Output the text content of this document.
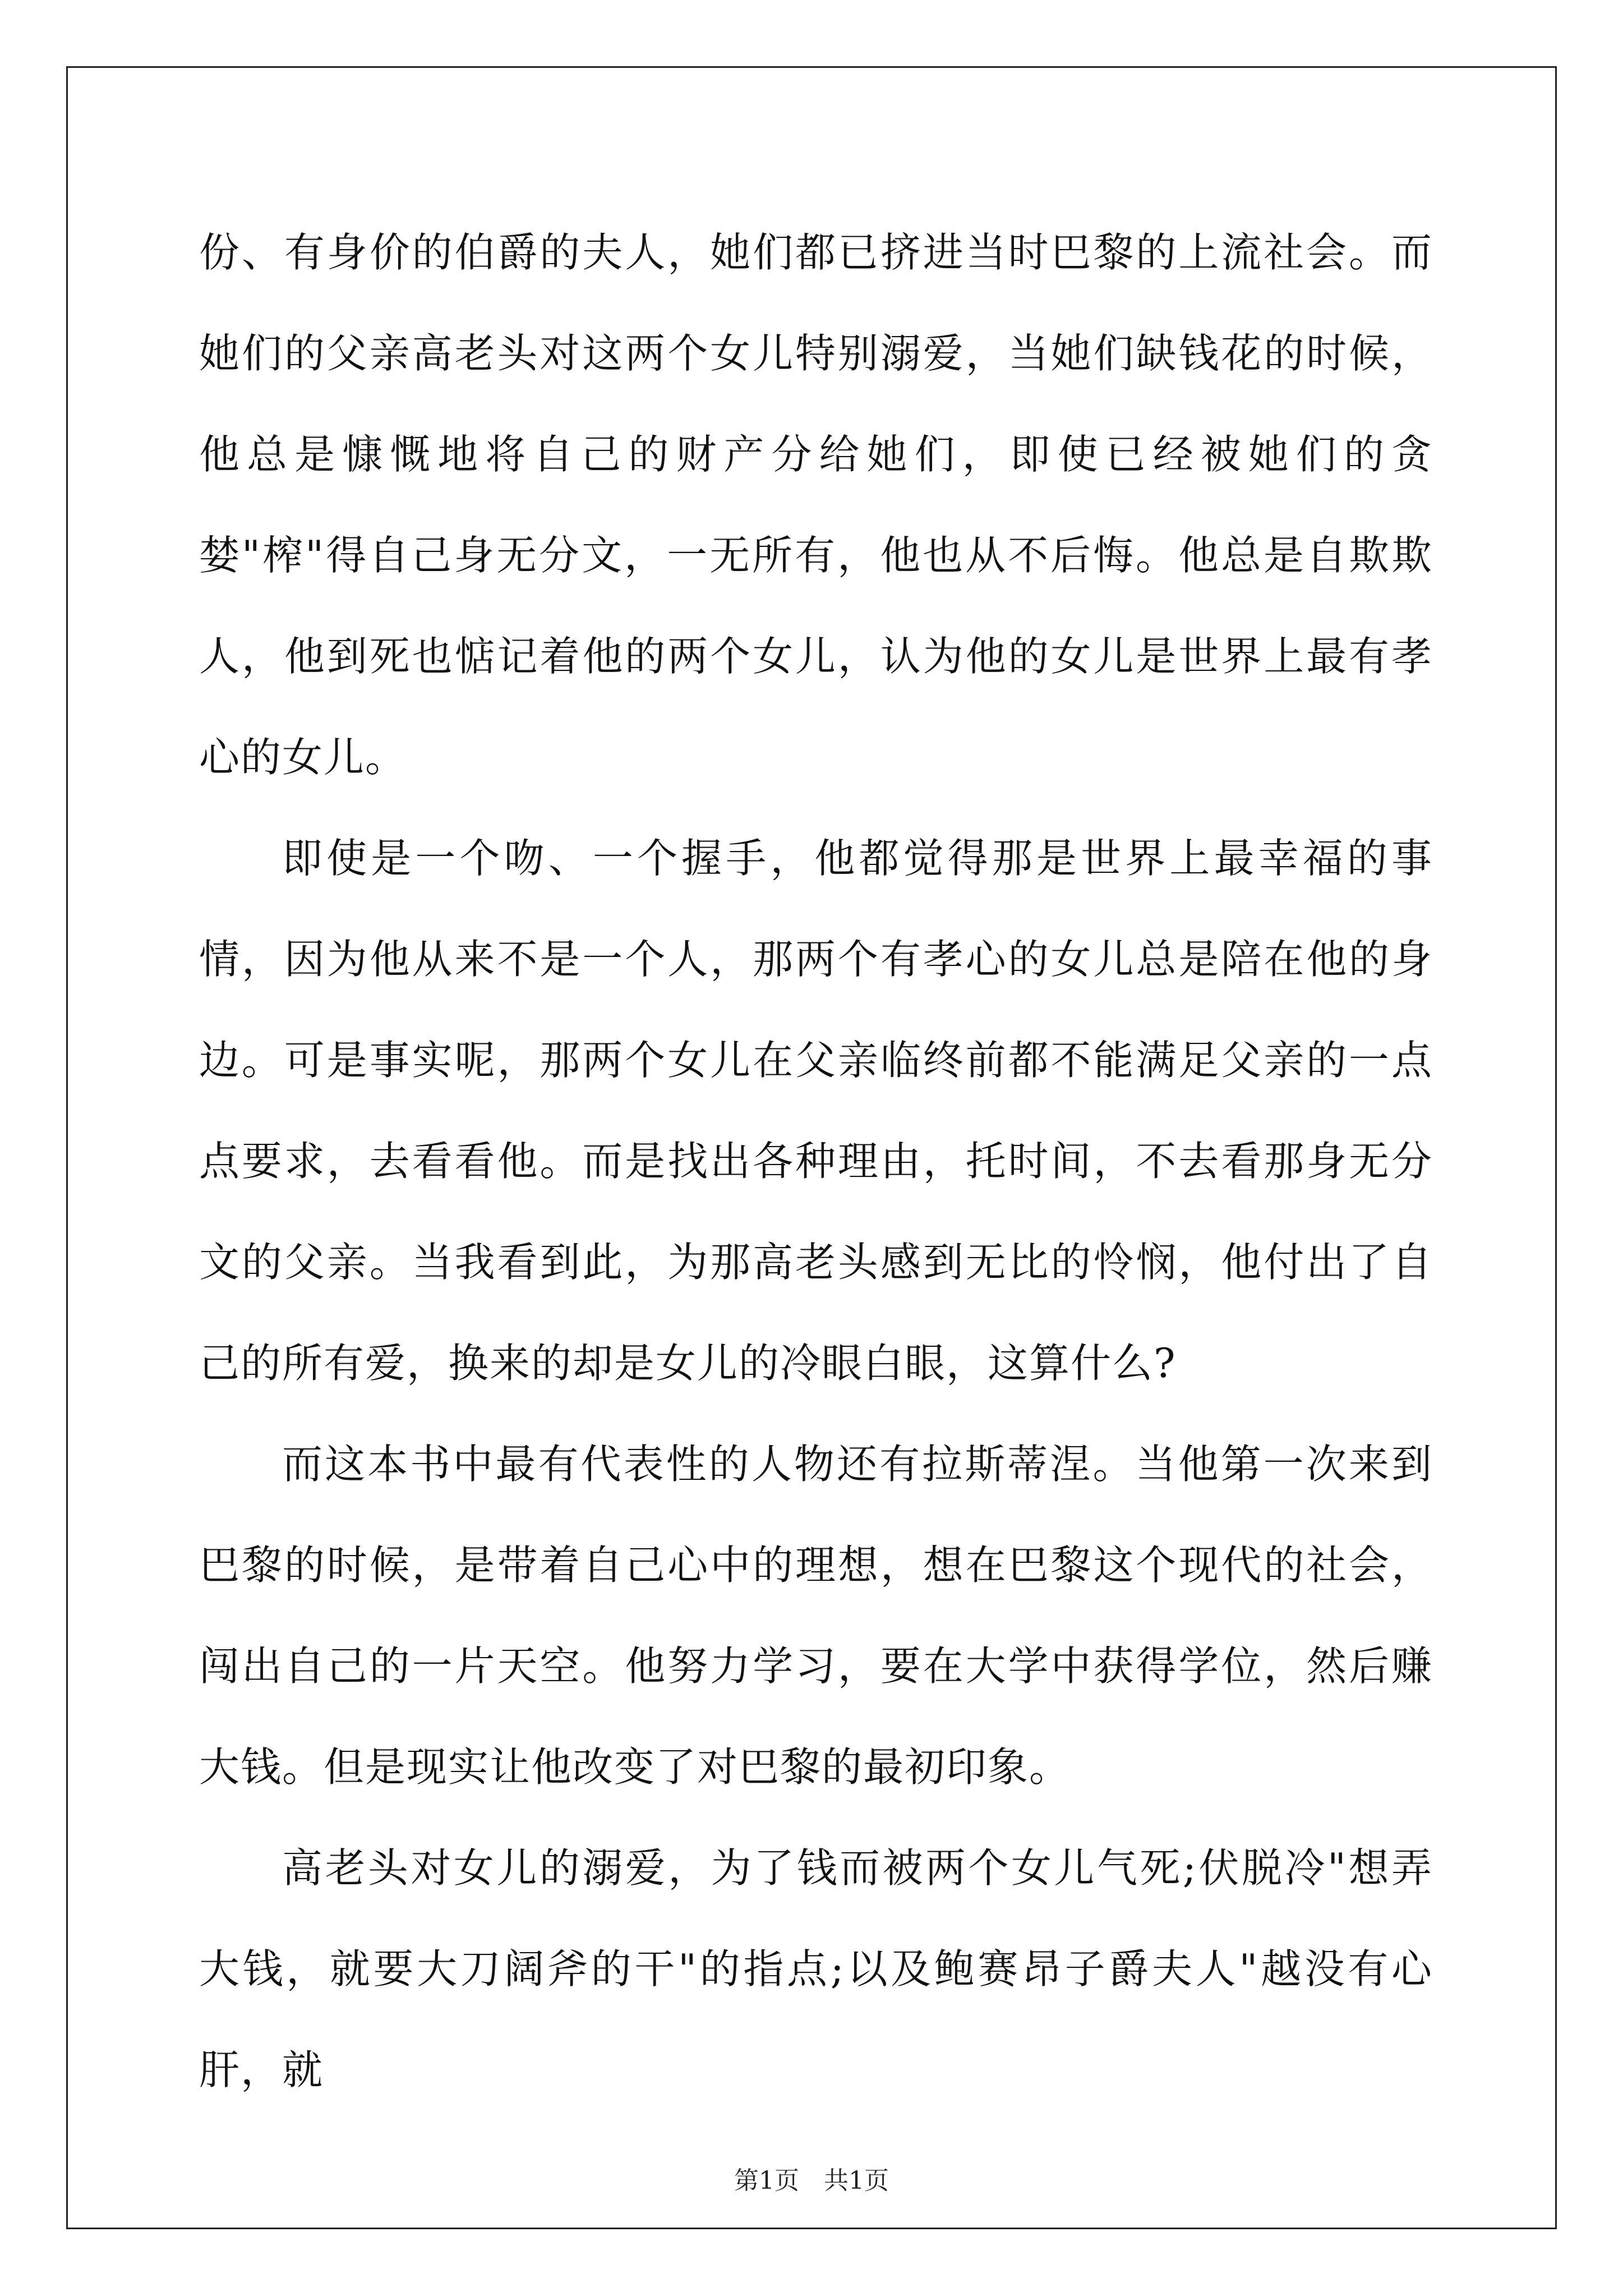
份、有身价的伯爵的夫人，她们都已挤进当时巴黎的上流社会。而她们的父亲高老头对这两个女儿特别溺爱，当她们缺钱花的时候，他总是慷慨地将自己的财产分给她们，即使已经被她们的贪婪"榨"得自己身无分文，一无所有，他也从不后悔。他总是自欺欺人，他到死也惦记着他的两个女儿，认为他的女儿是世界上最有孝心的女儿。

即使是一个吻、一个握手，他都觉得那是世界上最幸福的事情，因为他从来不是一个人，那两个有孝心的女儿总是陪在他的身边。可是事实呢，那两个女儿在父亲临终前都不能满足父亲的一点点要求，去看看他。而是找出各种理由，托时间，不去看那身无分文的父亲。当我看到此，为那高老头感到无比的怜悯，他付出了自己的所有爱，换来的却是女儿的冷眼白眼，这算什么?

而这本书中最有代表性的人物还有拉斯蒂涅。当他第一次来到巴黎的时候，是带着自己心中的理想，想在巴黎这个现代的社会，闯出自己的一片天空。他努力学习，要在大学中获得学位，然后赚大钱。但是现实让他改变了对巴黎的最初印象。

高老头对女儿的溺爱，为了钱而被两个女儿气死;伏脱冷"想弄大钱，就要大刀阔斧的干"的指点;以及鲍赛昂子爵夫人"越没有心肝，就

第1页　共1页
